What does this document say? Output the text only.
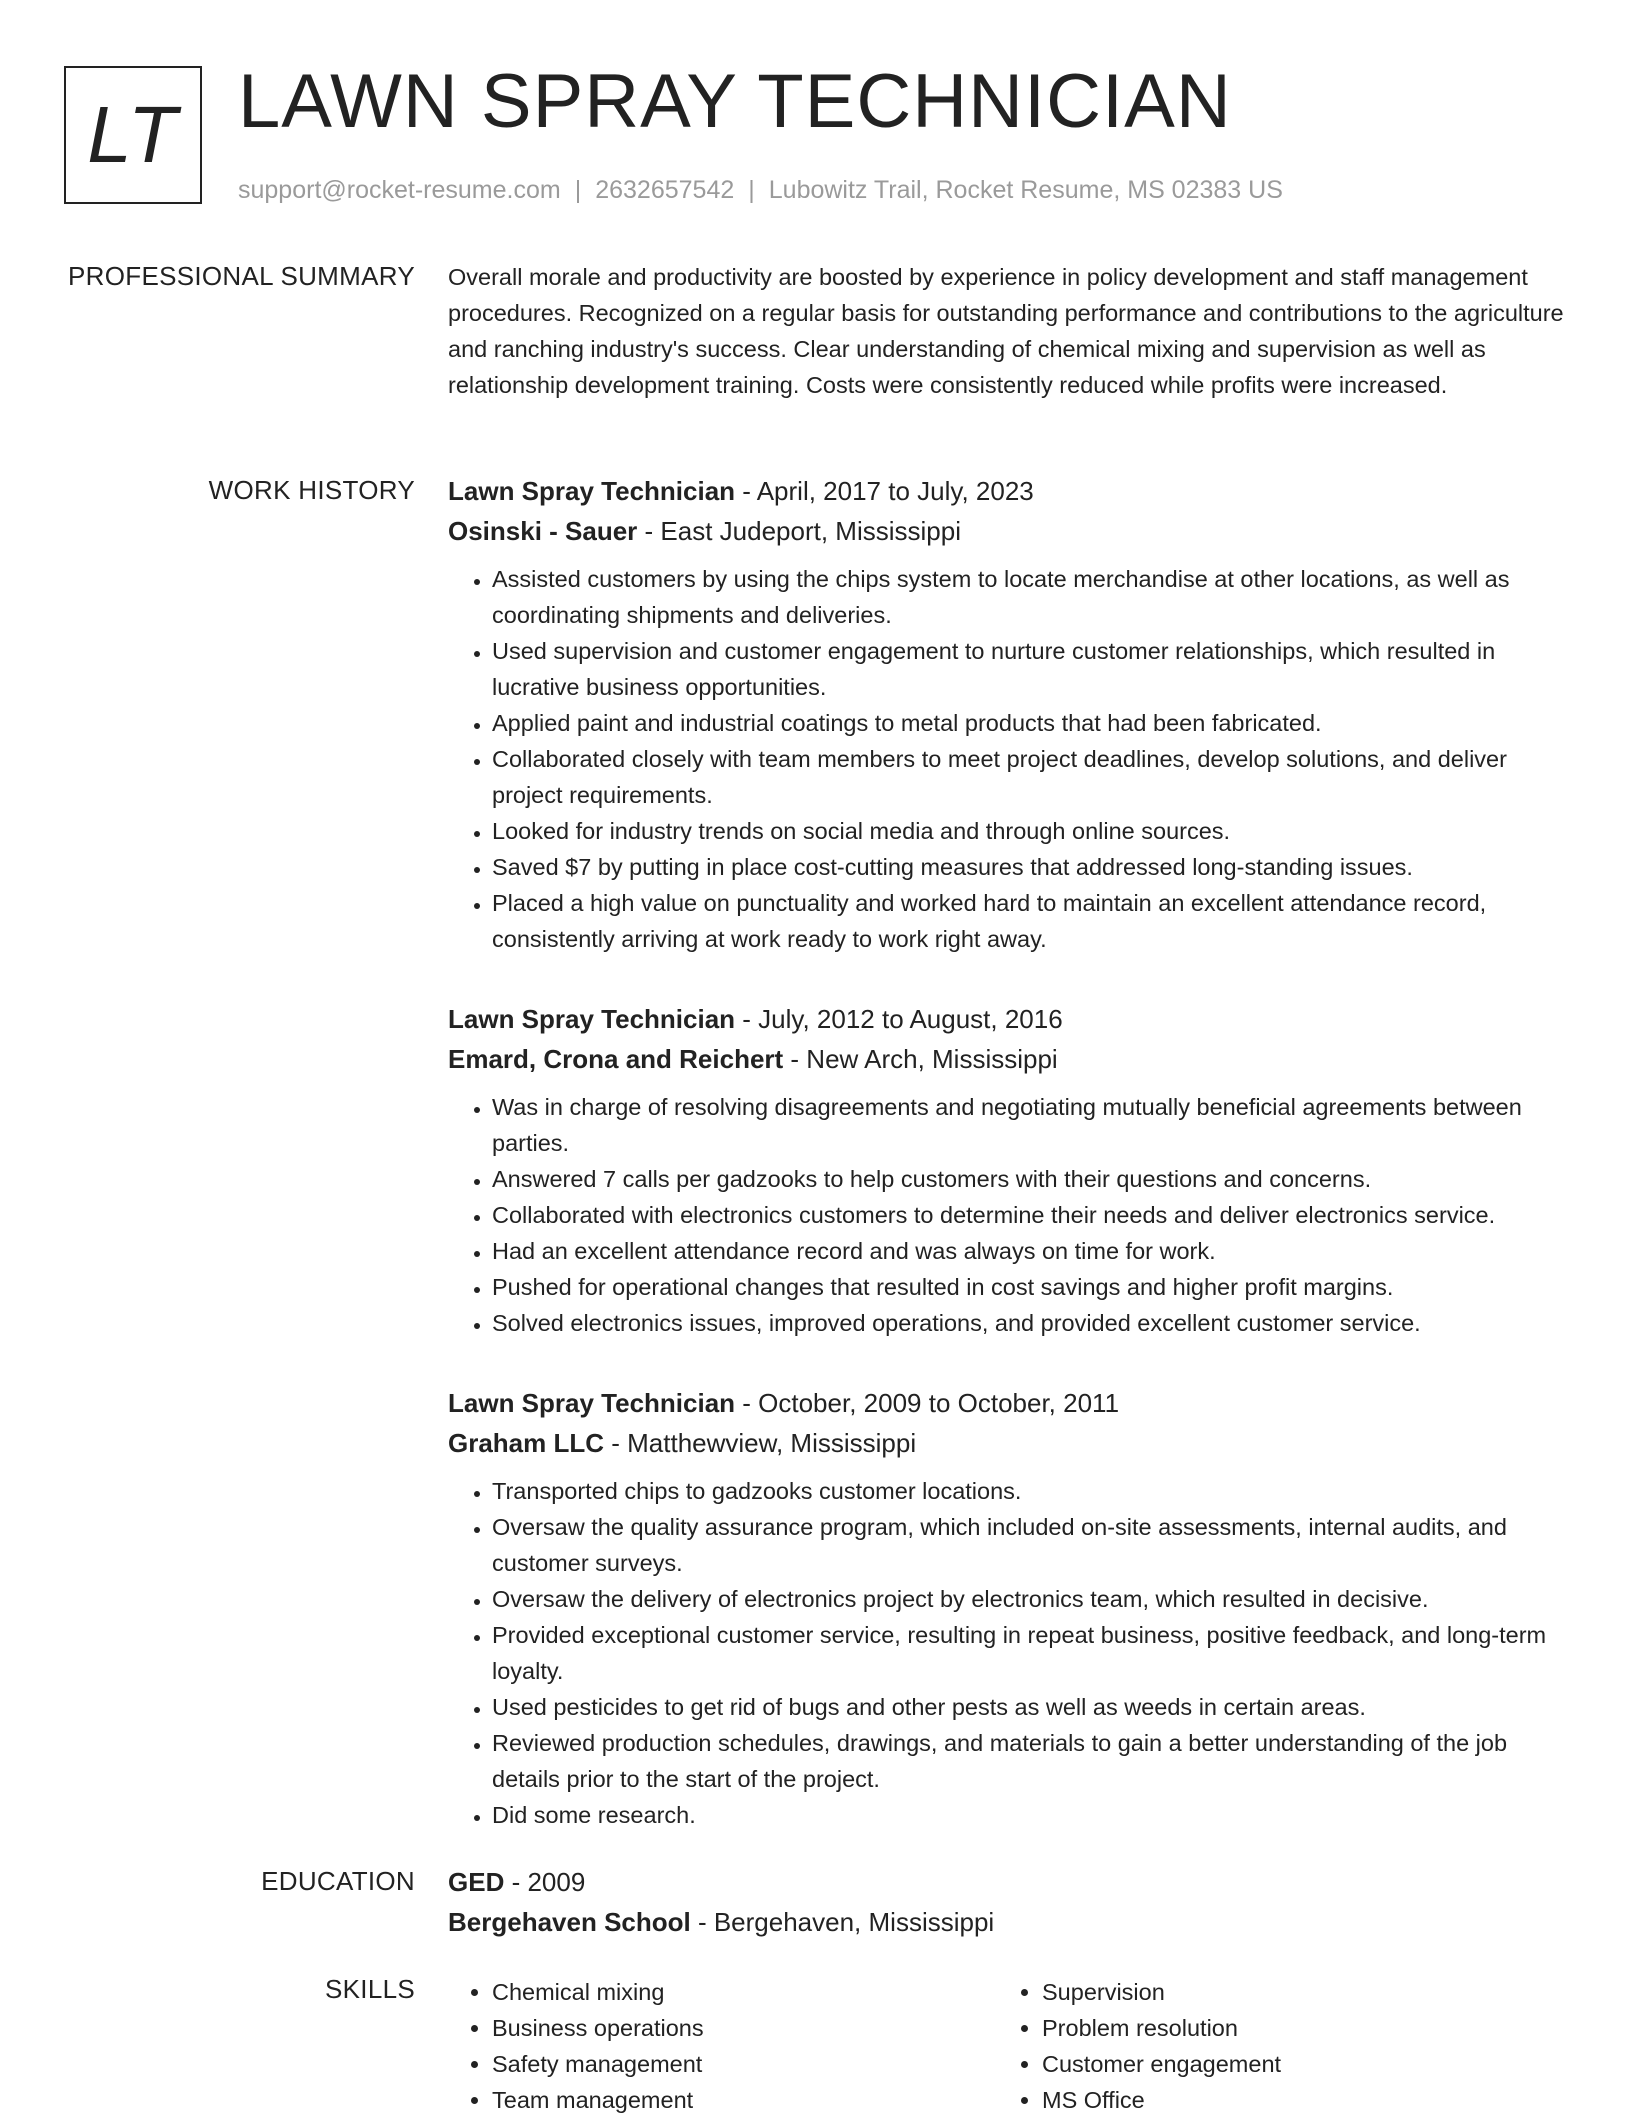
LT LAWN SPRAY TECHNICIAN
support@rocket-resume.com | 2632657542 | Lubowitz Trail, Rocket Resume, MS 02383 US
PROFESSIONAL SUMMARY Overall morale and productivity are boosted by experience in policy development and staff management procedures. Recognized on a regular basis for outstanding performance and contributions to the agriculture and ranching industry's success. Clear understanding of chemical mixing and supervision as well as relationship development training. Costs were consistently reduced while profits were increased.

WORK HISTORY Lawn Spray Technician - April, 2017 to July, 2023
Osinski - Sauer - East Judeport, Mississippi
• Assisted customers by using the chips system to locate merchandise at other locations, as well as coordinating shipments and deliveries.
• Used supervision and customer engagement to nurture customer relationships, which resulted in lucrative business opportunities.
• Applied paint and industrial coatings to metal products that had been fabricated.
• Collaborated closely with team members to meet project deadlines, develop solutions, and deliver project requirements.
• Looked for industry trends on social media and through online sources.
• Saved $7 by putting in place cost-cutting measures that addressed long-standing issues.
• Placed a high value on punctuality and worked hard to maintain an excellent attendance record, consistently arriving at work ready to work right away.
Lawn Spray Technician - July, 2012 to August, 2016
Emard, Crona and Reichert - New Arch, Mississippi
• Was in charge of resolving disagreements and negotiating mutually beneficial agreements between parties.
• Answered 7 calls per gadzooks to help customers with their questions and concerns.
• Collaborated with electronics customers to determine their needs and deliver electronics service.
• Had an excellent attendance record and was always on time for work.
• Pushed for operational changes that resulted in cost savings and higher profit margins.
• Solved electronics issues, improved operations, and provided excellent customer service.
Lawn Spray Technician - October, 2009 to October, 2011
Graham LLC - Matthewview, Mississippi
• Transported chips to gadzooks customer locations.
• Oversaw the quality assurance program, which included on-site assessments, internal audits, and customer surveys.
• Oversaw the delivery of electronics project by electronics team, which resulted in decisive.
• Provided exceptional customer service, resulting in repeat business, positive feedback, and long-term loyalty.
• Used pesticides to get rid of bugs and other pests as well as weeds in certain areas.
• Reviewed production schedules, drawings, and materials to gain a better understanding of the job details prior to the start of the project.
• Did some research.
EDUCATION GED - 2009
Bergehaven School - Bergehaven, Mississippi
SKILLS
•	Chemical mixing
• Business operations
• Safety management
• Team management
• Supervision
• Problem resolution
• Customer engagement
• MS Office
